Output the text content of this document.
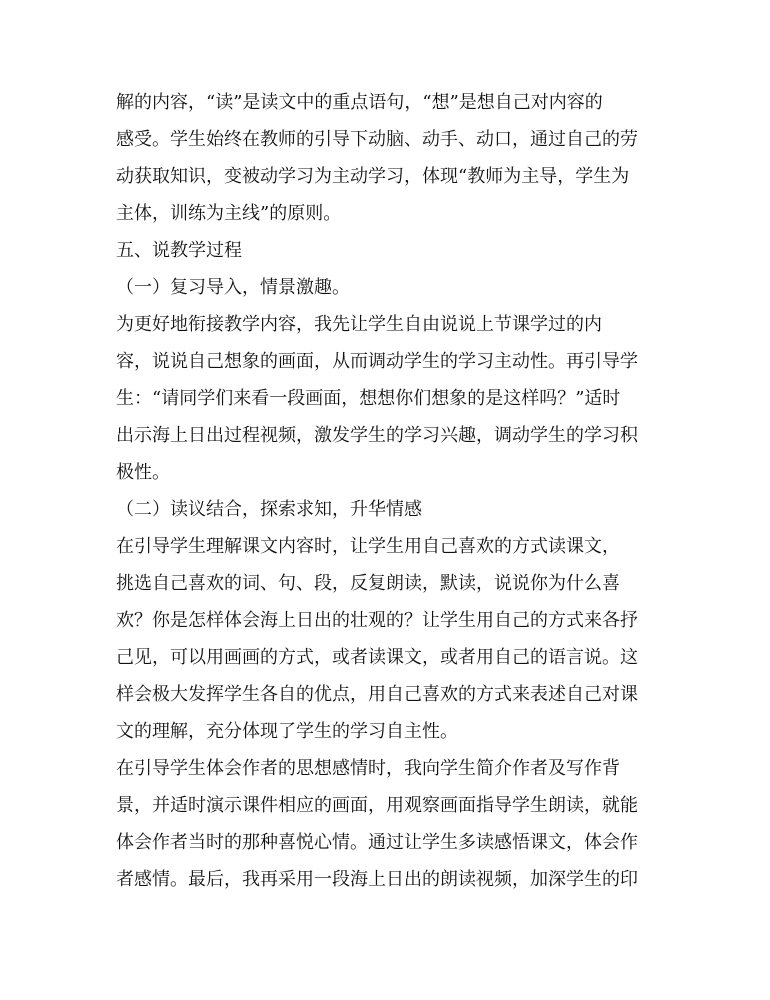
解的内容，“读”是读文中的重点语句，“想”是想自己对内容的
感受。学生始终在教师的引导下动脑、动手、动口，通过自己的劳
动获取知识，变被动学习为主动学习，体现“教师为主导，学生为
主体，训练为主线”的原则。
五、说教学过程
（一）复习导入，情景激趣。
为更好地衔接教学内容，我先让学生自由说说上节课学过的内
容，说说自己想象的画面，从而调动学生的学习主动性。再引导学
生：“请同学们来看一段画面，想想你们想象的是这样吗？”适时
出示海上日出过程视频，激发学生的学习兴趣，调动学生的学习积
极性。
（二）读议结合，探索求知，升华情感
在引导学生理解课文内容时，让学生用自己喜欢的方式读课文，
挑选自己喜欢的词、句、段，反复朗读，默读，说说你为什么喜
欢？你是怎样体会海上日出的壮观的？让学生用自己的方式来各抒
己见，可以用画画的方式，或者读课文，或者用自己的语言说。这
样会极大发挥学生各自的优点，用自己喜欢的方式来表述自己对课
文的理解，充分体现了学生的学习自主性。
在引导学生体会作者的思想感情时，我向学生简介作者及写作背
景，并适时演示课件相应的画面，用观察画面指导学生朗读，就能
体会作者当时的那种喜悦心情。通过让学生多读感悟课文，体会作
者感情。最后，我再采用一段海上日出的朗读视频，加深学生的印
